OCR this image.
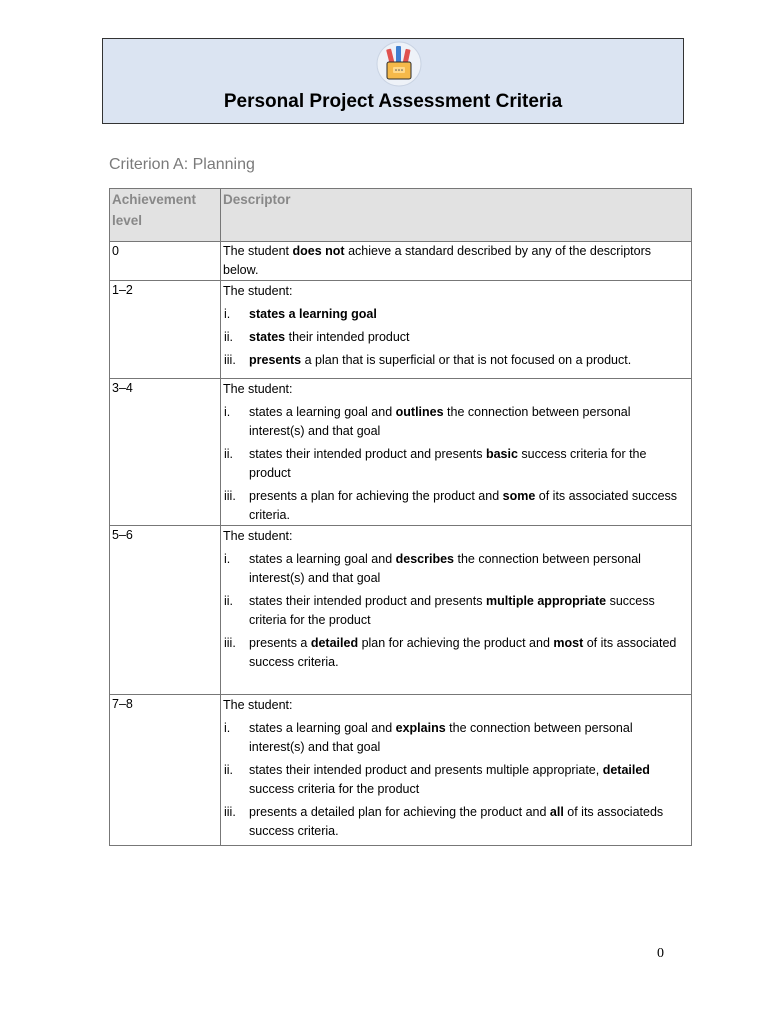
Personal Project Assessment Criteria
Criterion A: Planning
Achievement level	Descriptor
0	The student does not achieve a standard described by any of the descriptors below.
1–2	The student:
i. states a learning goal
ii. states their intended product
iii. presents a plan that is superficial or that is not focused on a product.

3–4	The student:
i. states a learning goal and outlines the connection between personal interest(s) and that goal
ii. states their intended product and presents basic success criteria for the product
iii. presents a plan for achieving the product and some of its associated success criteria.

5–6	The student:
i. states a learning goal and describes the connection between personal interest(s) and that goal
ii. states their intended product and presents multiple appropriate success criteria for the product
iii. presents a detailed plan for achieving the product and most of its associated success criteria.

7–8	The student:
i. states a learning goal and explains the connection between personal interest(s) and that goal
ii. states their intended product and presents multiple appropriate, detailed success criteria for the product
iii. presents a detailed plan for achieving the product and all of its associateds success criteria.
0
